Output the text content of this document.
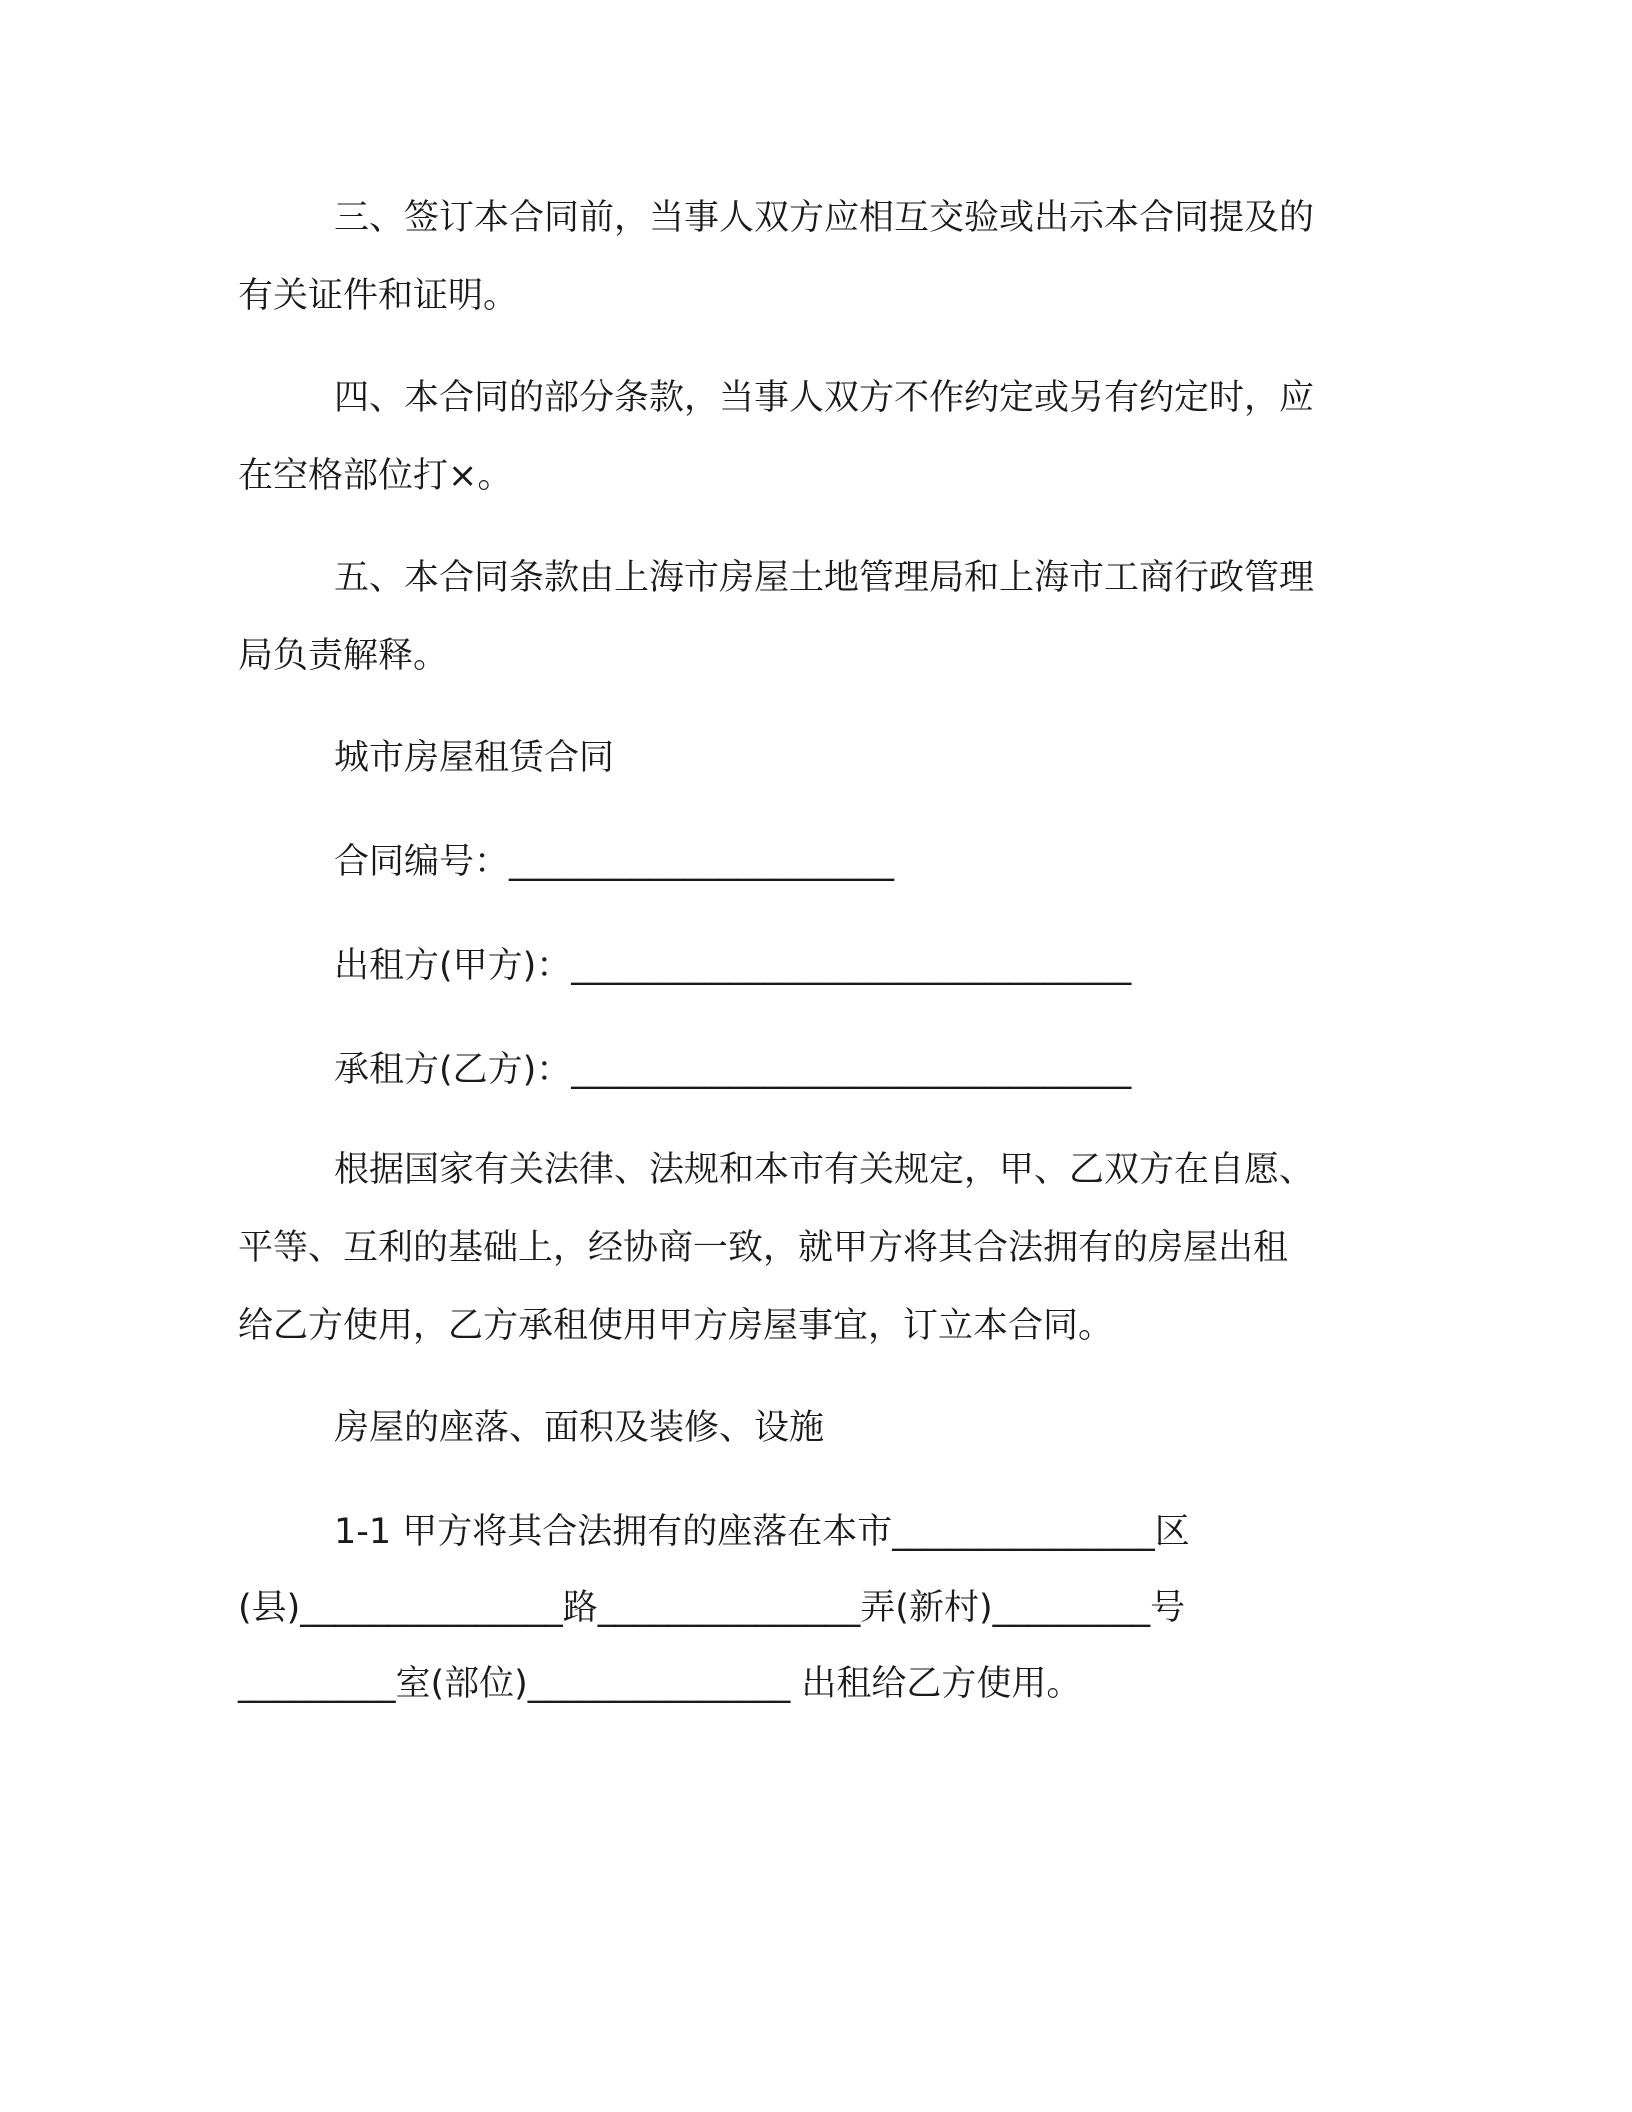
三、签订本合同前，当事人双方应相互交验或出示本合同提及的
有关证件和证明。
四、本合同的部分条款，当事人双方不作约定或另有约定时，应
在空格部位打×。
五、本合同条款由上海市房屋土地管理局和上海市工商行政管理
局负责解释。
城市房屋租赁合同
合同编号：______________________
出租方(甲方)：________________________________
承租方(乙方)：________________________________
根据国家有关法律、法规和本市有关规定，甲、乙双方在自愿、
平等、互利的基础上，经协商一致，就甲方将其合法拥有的房屋出租
给乙方使用，乙方承租使用甲方房屋事宜，订立本合同。
房屋的座落、面积及装修、设施
1-1 甲方将其合法拥有的座落在本市_______________区
(县)_______________路_______________弄(新村)_________号
_________室(部位)_______________ 出租给乙方使用。
